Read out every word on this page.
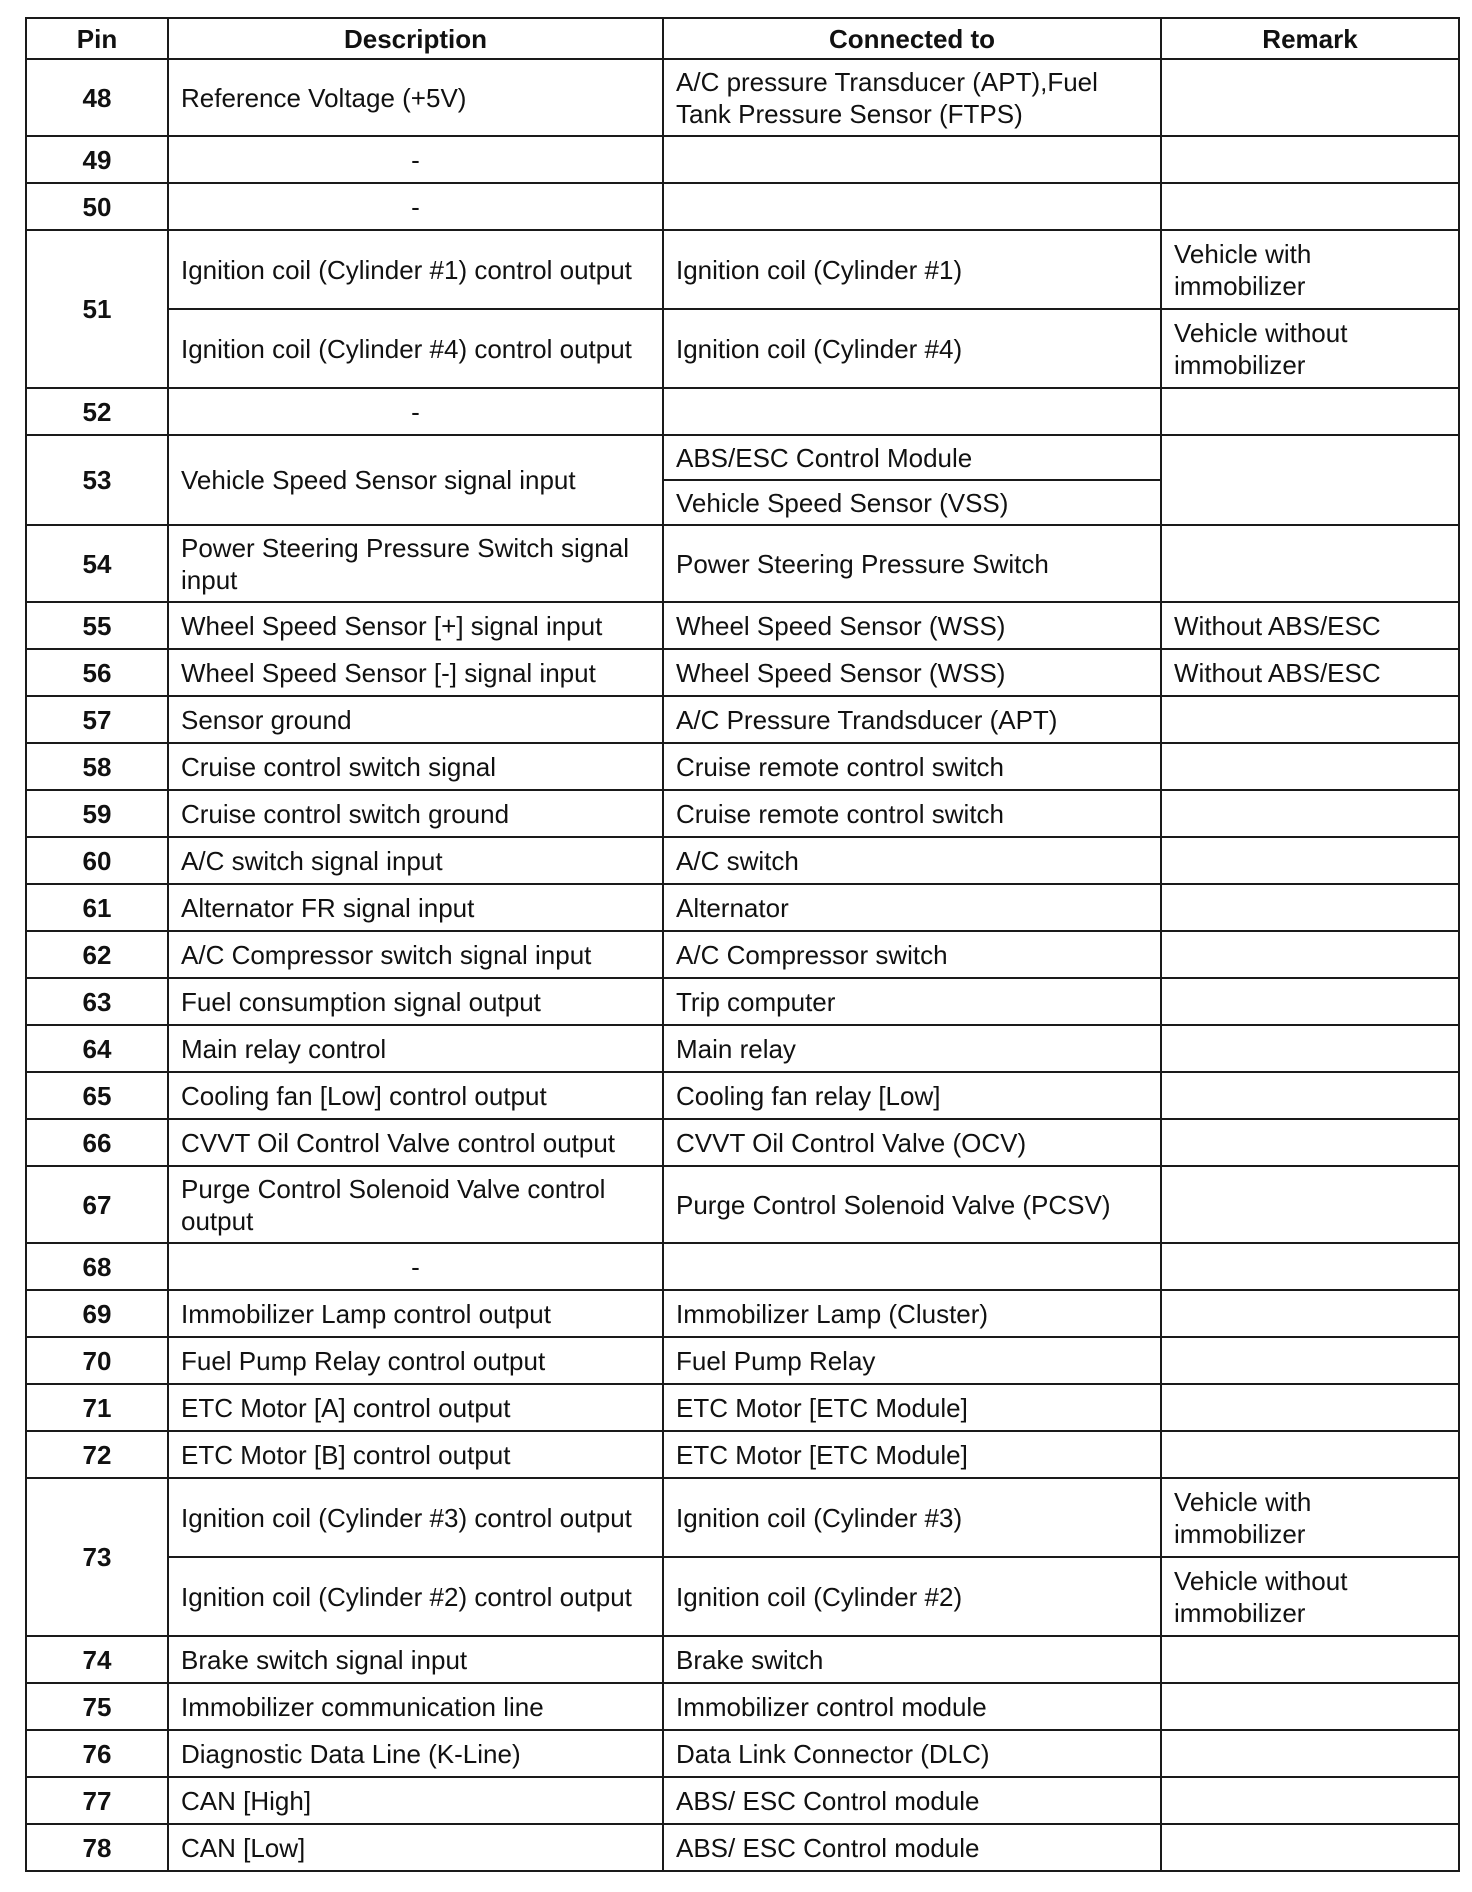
Pin	Description	Connected to	Remark
48	Reference Voltage (+5V)	A/C pressure Transducer (APT),Fuel Tank Pressure Sensor (FTPS)	
49	-		
50	-		
51	Ignition coil (Cylinder #1) control output	Ignition coil (Cylinder #1)	Vehicle with immobilizer
	Ignition coil (Cylinder #4) control output	Ignition coil (Cylinder #4)	Vehicle without immobilizer
52	-		
53	Vehicle Speed Sensor signal input	ABS/ESC Control Module	
		Vehicle Speed Sensor (VSS)	
54	Power Steering Pressure Switch signal input	Power Steering Pressure Switch	
55	Wheel Speed Sensor [+] signal input	Wheel Speed Sensor (WSS)	Without ABS/ESC
56	Wheel Speed Sensor [-] signal input	Wheel Speed Sensor (WSS)	Without ABS/ESC
57	Sensor ground	A/C Pressure Trandsducer (APT)	
58	Cruise control switch signal	Cruise remote control switch	
59	Cruise control switch ground	Cruise remote control switch	
60	A/C switch signal input	A/C switch	
61	Alternator FR signal input	Alternator	
62	A/C Compressor switch signal input	A/C Compressor switch	
63	Fuel consumption signal output	Trip computer	
64	Main relay control	Main relay	
65	Cooling fan [Low] control output	Cooling fan relay [Low]	
66	CVVT Oil Control Valve control output	CVVT Oil Control Valve (OCV)	
67	Purge Control Solenoid Valve control output	Purge Control Solenoid Valve (PCSV)	
68	-		
69	Immobilizer Lamp control output	Immobilizer Lamp (Cluster)	
70	Fuel Pump Relay control output	Fuel Pump Relay	
71	ETC Motor [A] control output	ETC Motor [ETC Module]	
72	ETC Motor [B] control output	ETC Motor [ETC Module]	
73	Ignition coil (Cylinder #3) control output	Ignition coil (Cylinder #3)	Vehicle with immobilizer
	Ignition coil (Cylinder #2) control output	Ignition coil (Cylinder #2)	Vehicle without immobilizer
74	Brake switch signal input	Brake switch	
75	Immobilizer communication line	Immobilizer control module	
76	Diagnostic Data Line (K-Line)	Data Link Connector (DLC)	
77	CAN [High]	ABS/ ESC Control module	
78	CAN [Low]	ABS/ ESC Control module	
